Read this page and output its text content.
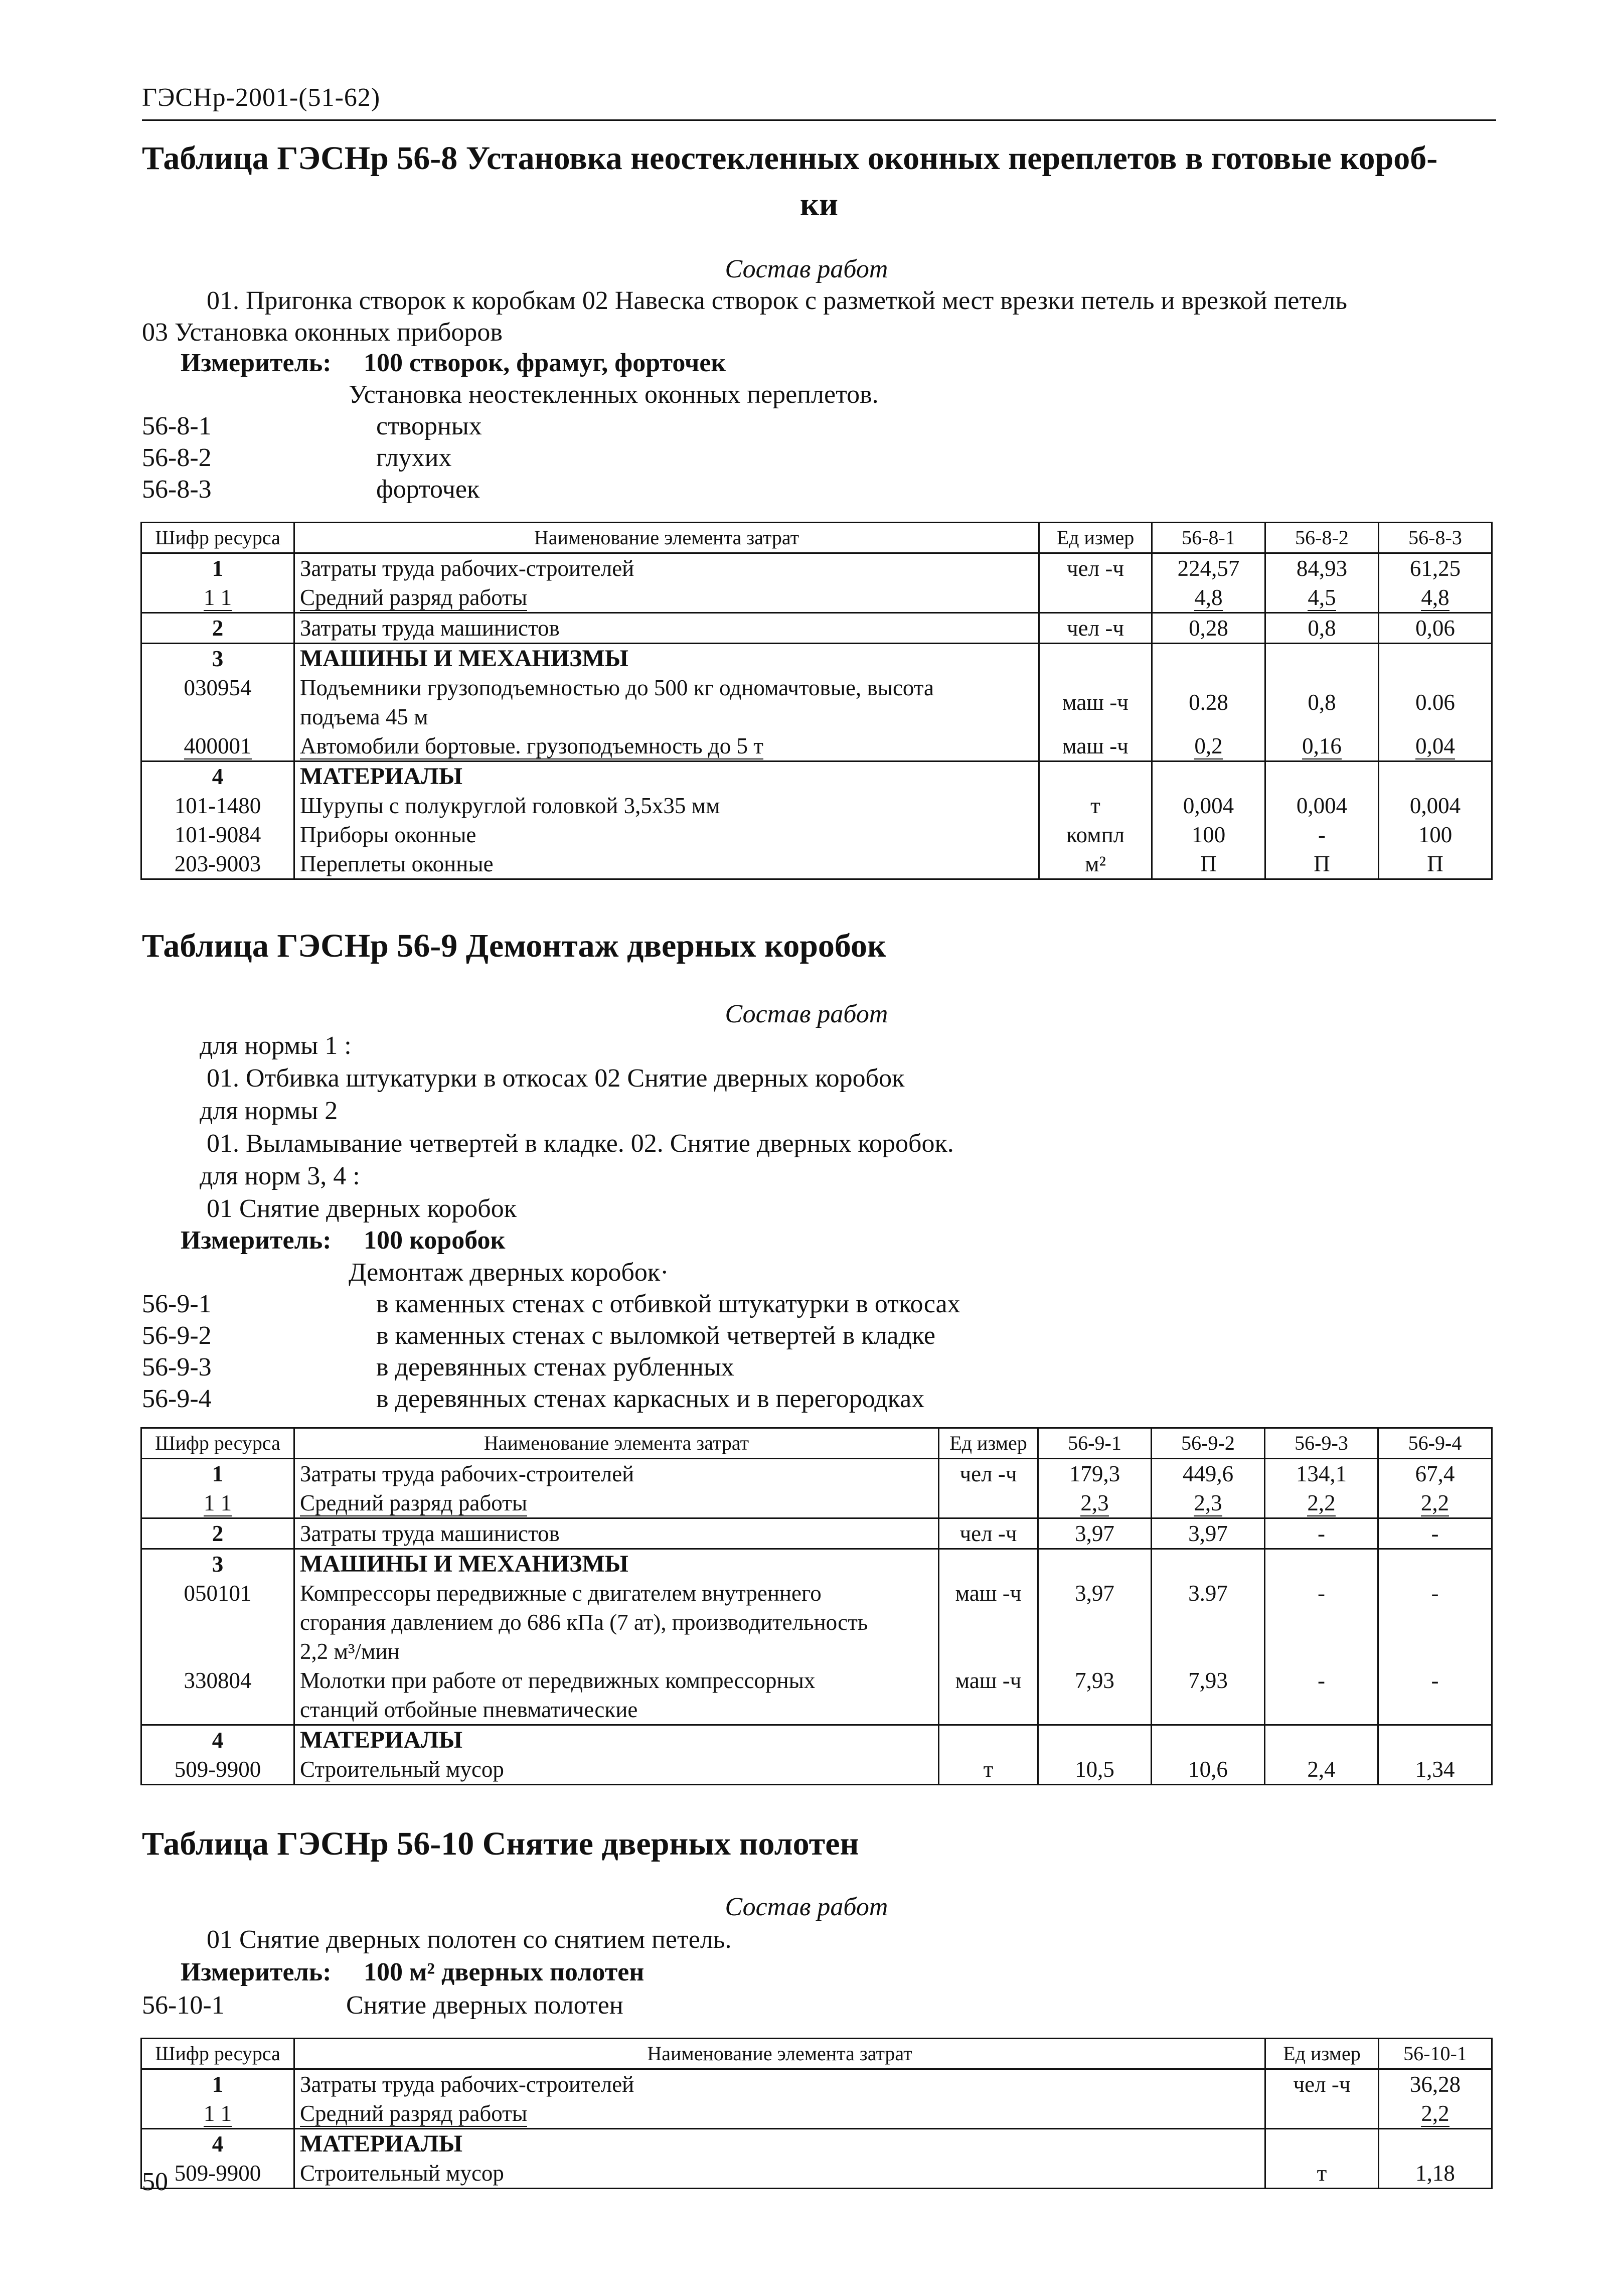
ГЭСНр-2001-(51-62)
Таблица ГЭСНр 56-8 Установка неостекленных оконных переплетов в готовые короб-
ки
Состав работ
01. Пригонка створок к коробкам 02 Навеска створок с разметкой мест врезки петель и врезкой петель
03 Установка оконных приборов
Измеритель: 100 створок, фрамуг, форточек
Установка неостекленных оконных переплетов.
56-8-1	створных
56-8-2	глухих
56-8-3	форточек
Шифр ресурса	Наименование элемента затрат	Ед измер	56-8-1	56-8-2	56-8-3
1	Затраты труда рабочих-строителей	чел -ч	224,57	84,93	61,25
1 1	Средний разряд работы		4,8	4,5	4,8
2	Затраты труда машинистов	чел -ч	0,28	0,8	0,06
3	МАШИНЫ И МЕХАНИЗМЫ				
030954	Подъемники грузоподъемностью до 500 кг одномачтовые, высота
подъема 45 м	маш -ч	0.28	0,8	0.06
400001	Автомобили бортовые. грузоподъемность до 5 т	маш -ч	0,2	0,16	0,04
4	МАТЕРИАЛЫ				
101-1480	Шурупы с полукруглой головкой 3,5x35 мм	т	0,004	0,004	0,004
101-9084	Приборы оконные	компл	100	-	100
203-9003	Переплеты оконные	м²	П	П	П
Таблица ГЭСНр 56-9 Демонтаж дверных коробок
Состав работ
для нормы 1 :
01. Отбивка штукатурки в откосах 02 Снятие дверных коробок
для нормы 2
01. Выламывание четвертей в кладке. 02. Снятие дверных коробок.
для норм 3, 4 :
01 Снятие дверных коробок
Измеритель: 100 коробок
Демонтаж дверных коробок·
56-9-1	в каменных стенах с отбивкой штукатурки в откосах
56-9-2	в каменных стенах с выломкой четвертей в кладке
56-9-3	в деревянных стенах рубленных
56-9-4	в деревянных стенах каркасных и в перегородках
Шифр ресурса	Наименование элемента затрат	Ед измер	56-9-1	56-9-2	56-9-3	56-9-4
1	Затраты труда рабочих-строителей	чел -ч	179,3	449,6	134,1	67,4
1 1	Средний разряд работы		2,3	2,3	2,2	2,2
2	Затраты труда машинистов	чел -ч	3,97	3,97	-	-
3	МАШИНЫ И МЕХАНИЗМЫ					
050101	Компрессоры передвижные с двигателем внутреннего
сгорания давлением до 686 кПа (7 ат), производительность
2,2 м³/мин	маш -ч	3,97	3.97	-	-
330804	Молотки при работе от передвижных компрессорных
станций отбойные пневматические	маш -ч	7,93	7,93	-	-
4	МАТЕРИАЛЫ					
509-9900	Строительный мусор	т	10,5	10,6	2,4	1,34
Таблица ГЭСНр 56-10 Снятие дверных полотен
Состав работ
01 Снятие дверных полотен со снятием петель.
Измеритель: 100 м² дверных полотен
56-10-1	Снятие дверных полотен
Шифр ресурса	Наименование элемента затрат	Ед измер	56-10-1
1	Затраты труда рабочих-строителей	чел -ч	36,28
1 1	Средний разряд работы		2,2
4	МАТЕРИАЛЫ		
509-9900	Строительный мусор	т	1,18
50
